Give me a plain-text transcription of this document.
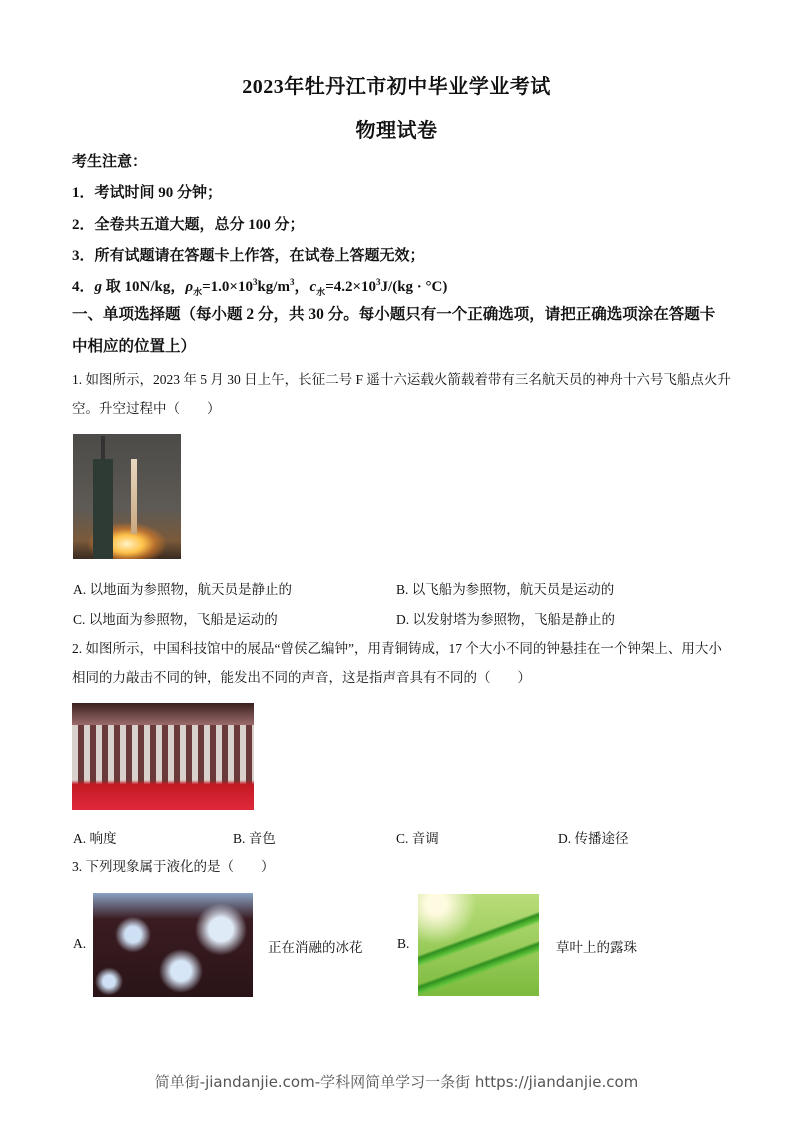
2023年牡丹江市初中毕业学业考试
物理试卷
考生注意：
1．考试时间 90 分钟；
2．全卷共五道大题，总分 100 分；
3．所有试题请在答题卡上作答，在试卷上答题无效；
4．g 取 10N/kg，$\rho_水=1.0\times 10^3kg/m^3$，$c_水=4.2\times 10^3J/(kg \cdot ^\circ C)$
一、单项选择题（每小题 2 分，共 30 分。每小题只有一个正确选项，请把正确选项涂在答题卡中相应的位置上）
1. 如图所示，2023 年 5 月 30 日上午，长征二号 F 遥十六运载火箭载着带有三名航天员的神舟十六号飞船点火升空。升空过程中（　　）
A. 以地面为参照物，航天员是静止的	B. 以飞船为参照物，航天员是运动的
C. 以地面为参照物，飞船是运动的	D. 以发射塔为参照物，飞船是静止的
2. 如图所示，中国科技馆中的展品“曾侯乙编钟”，用青铜铸成，17 个大小不同的钟悬挂在一个钟架上、用大小相同的力敲击不同的钟，能发出不同的声音，这是指声音具有不同的（　　）
A. 响度	B. 音色	C. 音调	D. 传播途径
3. 下列现象属于液化的是（　　）
A.	正在消融的冰花	B.	草叶上的露珠
简单街-jiandanjie.com-学科网简单学习一条街 https://jiandanjie.com
